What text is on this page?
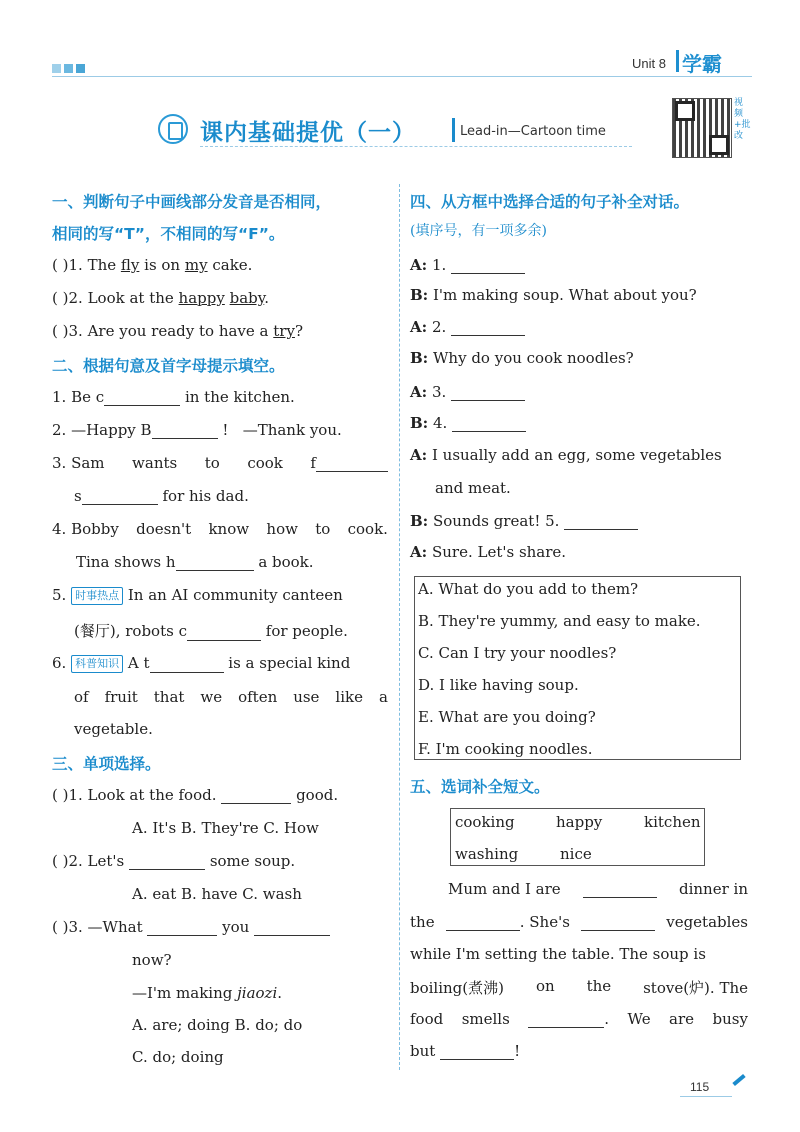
Unit 8 学霸
课内基础提优（一）	Lead-in—Cartoon time
视频+批改
一、判断句子中画线部分发音是否相同，
相同的写“T”，不相同的写“F”。
( )1. The fly is on my cake.
( )2. Look at the happy baby.
( )3. Are you ready to have a try?
二、根据句意及首字母提示填空。
1. Be c	in the kitchen.
2. —Happy B	! —Thank you.
3. Sam wants to cook f
s	for his dad.
4. Bobby doesn't know how to cook.
Tina shows h	a book.
5. 时事热点 In an AI community canteen
(餐厅), robots c	for people.
6. 科普知识 A t	is a special kind
of fruit that we often use like a
vegetable.
三、单项选择。
( )1. Look at the food.	good.
A. It's B. They're C. How
( )2. Let's	some soup.
A. eat B. have C. wash
( )3. —What	you
now?
—I'm making jiaozi.
A. are; doing B. do; do
C. do; doing
四、从方框中选择合适的句子补全对话。
(填序号，有一项多余)
A: 1.
B: I'm making soup. What about you?
A: 2.
B: Why do you cook noodles?
A: 3.
B: 4.
A: I usually add an egg, some vegetables
and meat.
B: Sounds great! 5.
A: Sure. Let's share.
A. What do you add to them?
B. They're yummy, and easy to make.
C. Can I try your noodles?
D. I like having soup.
E. What are you doing?
F. I'm cooking noodles.
五、选词补全短文。
cooking	happy	kitchen
washing	nice
Mum and I are	dinner in
the	. She's	vegetables
while I'm setting the table. The soup is
boiling(煮沸) on the stove(炉). The
food smells	. We are busy
but	!
115
